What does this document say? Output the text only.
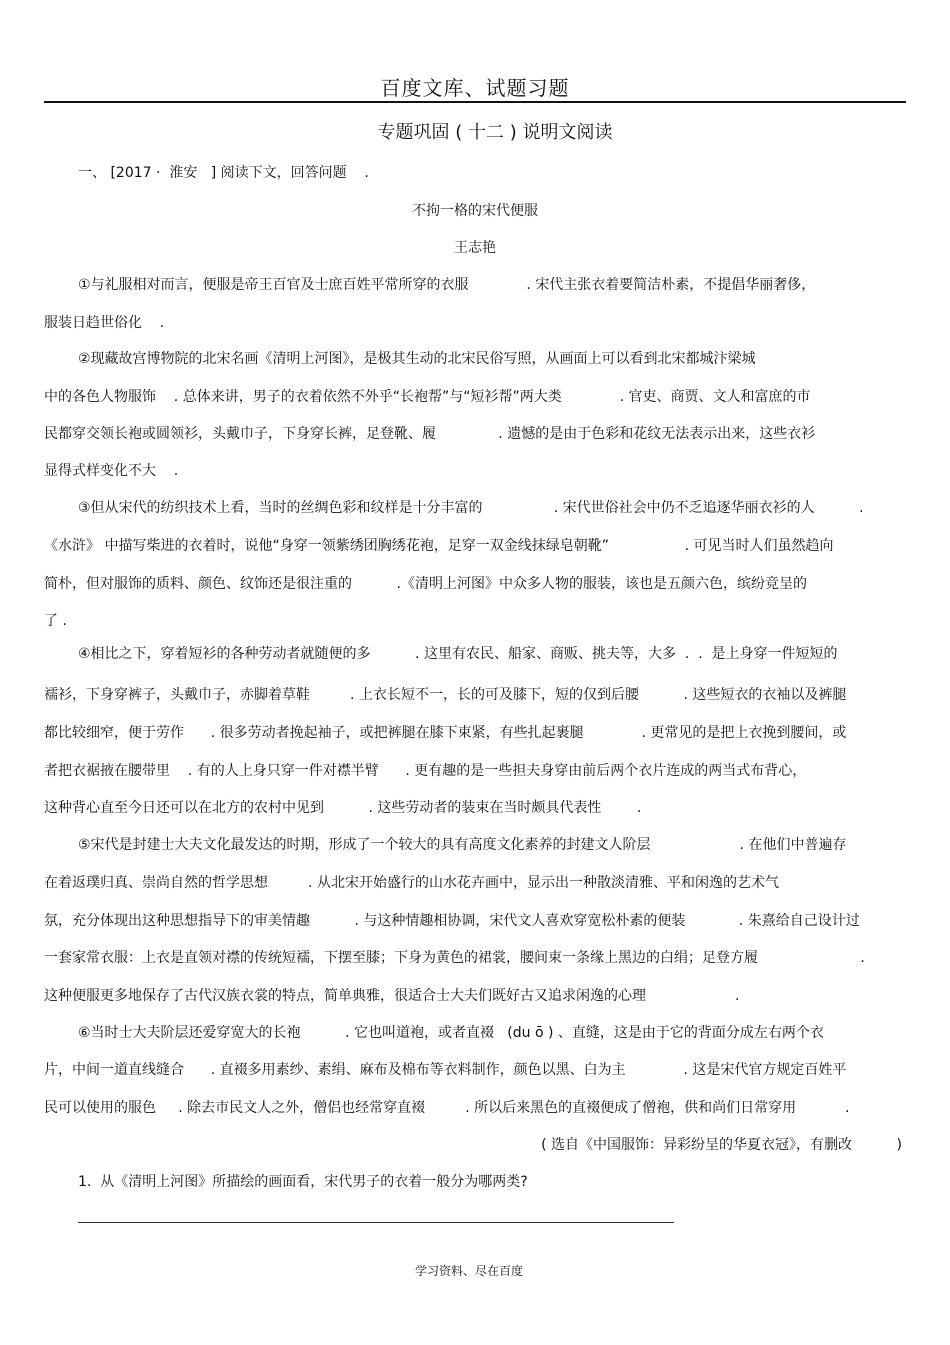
百度文库、试题习题
专题巩固 ( 十二 ) 说明文阅读
一、 [2017 ·  淮安   ] 阅读下文，回答问题    .
不拘一格的宋代便服
王志艳
①与礼服相对而言，便服是帝王百官及士庶百姓平常所穿的衣服             . 宋代主张衣着要简洁朴素，不提倡华丽奢侈，
服装日趋世俗化    .
②现藏故宫博物院的北宋名画《清明上河图》，是极其生动的北宋民俗写照，从画面上可以看到北宋都城汴梁城
中的各色人物服饰    . 总体来讲，男子的衣着依然不外乎“长袍帮”与“短衫帮”两大类             . 官吏、商贾、文人和富庶的市
民都穿交领长袍或圆领衫，头戴巾子，下身穿长裤，足登靴、履              . 遗憾的是由于色彩和花纹无法表示出来，这些衣衫
显得式样变化不大    .
③但从宋代的纺织技术上看，当时的丝绸色彩和纹样是十分丰富的                . 宋代世俗社会中仍不乏追逐华丽衣衫的人          .
《水浒》 中描写柴进的衣着时，说他“身穿一领紫绣团胸绣花袍，足穿一双金线抹绿皂朝靴”                 . 可见当时人们虽然趋向
简朴，但对服饰的质料、颜色、纹饰还是很注重的          .《清明上河图》中众多人物的服装，该也是五颜六色，缤纷竞呈的
了 .
④相比之下，穿着短衫的各种劳动者就随便的多          . 这里有农民、船家、商贩、挑夫等，大多  .  .  是上身穿一件短短的
襦衫，下身穿裤子，头戴巾子，赤脚着草鞋         . 上衣长短不一，长的可及膝下，短的仅到后腰          . 这些短衣的衣袖以及裤腿
都比较细窄，便于劳作      . 很多劳动者挽起袖子，或把裤腿在膝下束紧，有些扎起裹腿             . 更常见的是把上衣挽到腰间，或
者把衣裾掖在腰带里    . 有的人上身只穿一件对襟半臂      . 更有趣的是一些担夫身穿由前后两个衣片连成的两当式布背心，
这种背心直至今日还可以在北方的农村中见到          . 这些劳动者的装束在当时颇具代表性        .
⑤宋代是封建士大夫文化最发达的时期，形成了一个较大的具有高度文化素养的封建文人阶层                    . 在他们中普遍存
在着返璞归真、崇尚自然的哲学思想         . 从北宋开始盛行的山水花卉画中，显示出一种散淡清雅、平和闲逸的艺术气
氛，充分体现出这种思想指导下的审美情趣          . 与这种情趣相协调，宋代文人喜欢穿宽松朴素的便装            . 朱熹给自己设计过
一套家常衣服：上衣是直领对襟的传统短襦，下摆至膝；下身为黄色的裙裳，腰间束一条缘上黑边的白绢；足登方履                       .
这种便服更多地保存了古代汉族衣裳的特点，简单典雅，很适合士大夫们既好古又追求闲逸的心理                    .
⑥当时士大夫阶层还爱穿宽大的长袍          . 它也叫道袍，或者直裰   (du ō ) 、直缝，这是由于它的背面分成左右两个衣
片，中间一道直线缝合      . 直裰多用素纱、素绢、麻布及棉布等衣料制作，颜色以黑、白为主             . 这是宋代官方规定百姓平
民可以使用的服色     . 除去市民文人之外，僧侣也经常穿直裰         . 所以后来黑色的直裰便成了僧袍，供和尚们日常穿用           .
( 选自《中国服饰：异彩纷呈的华夏衣冠》，有删改          )
1.  从《清明上河图》所描绘的画面看，宋代男子的衣着一般分为哪两类?
学习资料、尽在百度
